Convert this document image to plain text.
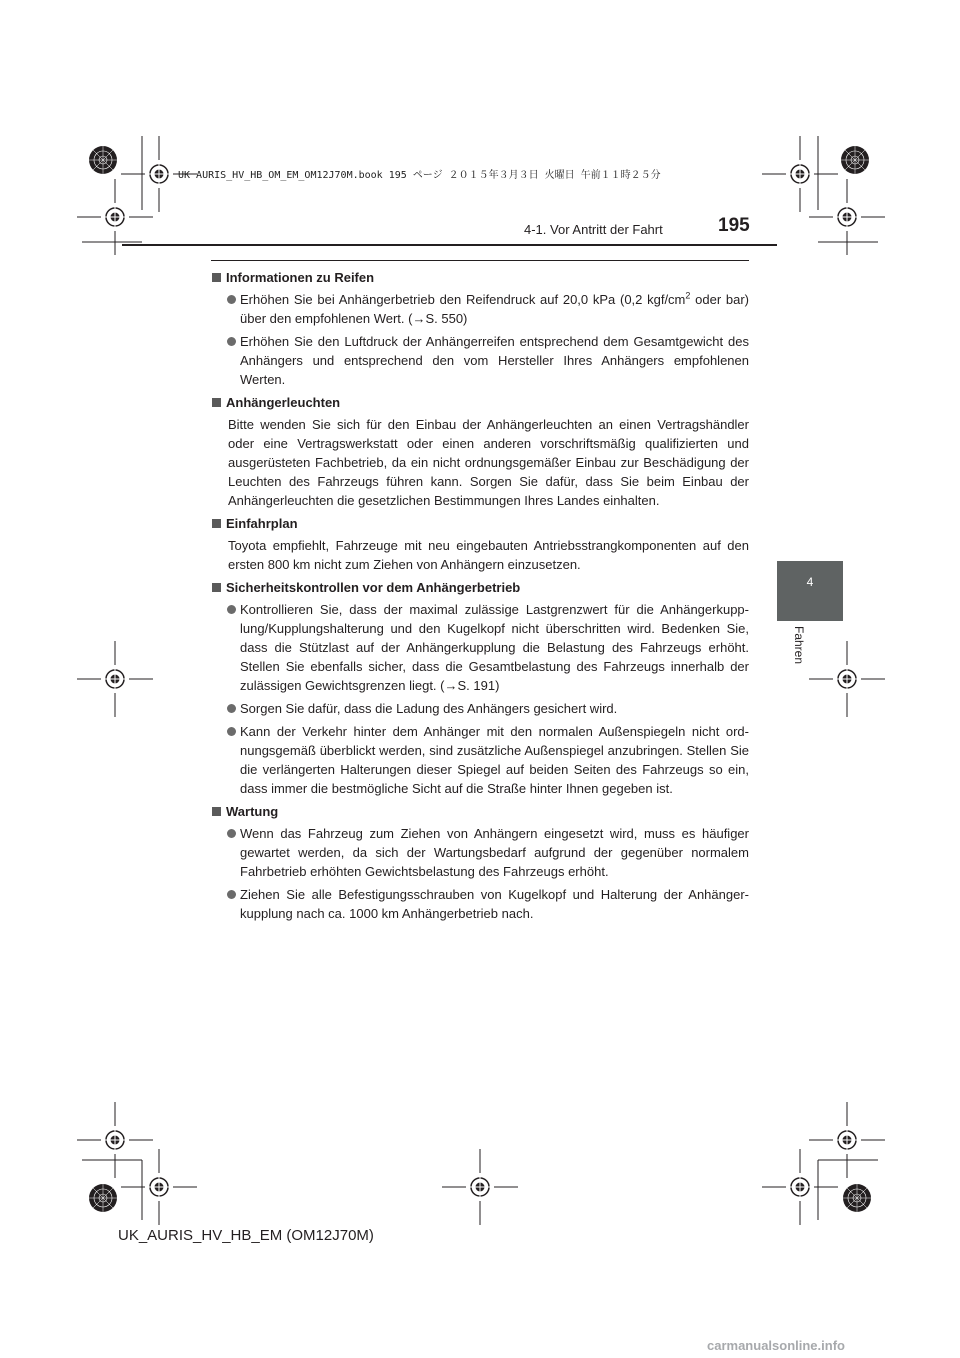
UK AURIS_HV_HB_OM_EM_OM12J70M.book 195 ページ ２０１５年３月３日 火曜日 午前１１時２５分
4-1. Vor Antritt der Fahrt	195
4
Fahren
Informationen zu Reifen
Erhöhen Sie bei Anhängerbetrieb den Reifendruck auf 20,0 kPa (0,2 kgf/$cm^2$ oder bar) über den empfohlenen Wert. (→S. 550)
Erhöhen Sie den Luftdruck der Anhängerreifen entsprechend dem Gesamtgewicht des Anhängers und entsprechend den vom Hersteller Ihres Anhängers empfohlenen Werten.
Anhängerleuchten
Bitte wenden Sie sich für den Einbau der Anhängerleuchten an einen Vertragshändler oder eine Vertragswerkstatt oder einen anderen vorschriftsmäßig qualifizierten und ausgerüsteten Fachbetrieb, da ein nicht ordnungsgemäßer Einbau zur Beschädigung der Leuchten des Fahrzeugs führen kann. Sorgen Sie dafür, dass Sie beim Einbau der Anhängerleuchten die gesetzlichen Bestimmungen Ihres Landes einhalten.
Einfahrplan
Toyota empfiehlt, Fahrzeuge mit neu eingebauten Antriebsstrangkomponenten auf den ersten 800 km nicht zum Ziehen von Anhängern einzusetzen.
Sicherheitskontrollen vor dem Anhängerbetrieb
Kontrollieren Sie, dass der maximal zulässige Lastgrenzwert für die Anhängerkupp-lung/Kupplungshalterung und den Kugelkopf nicht überschritten wird. Bedenken Sie, dass die Stützlast auf der Anhängerkupplung die Belastung des Fahrzeugs erhöht. Stellen Sie ebenfalls sicher, dass die Gesamtbelastung des Fahrzeugs innerhalb der zulässigen Gewichtsgrenzen liegt. (→S. 191)
Sorgen Sie dafür, dass die Ladung des Anhängers gesichert wird.
Kann der Verkehr hinter dem Anhänger mit den normalen Außenspiegeln nicht ord-nungsgemäß überblickt werden, sind zusätzliche Außenspiegel anzubringen. Stellen Sie die verlängerten Halterungen dieser Spiegel auf beiden Seiten des Fahrzeugs so ein, dass immer die bestmögliche Sicht auf die Straße hinter Ihnen gegeben ist.
Wartung
Wenn das Fahrzeug zum Ziehen von Anhängern eingesetzt wird, muss es häufiger gewartet werden, da sich der Wartungsbedarf aufgrund der gegenüber normalem Fahrbetrieb erhöhten Gewichtsbelastung des Fahrzeugs erhöht.
Ziehen Sie alle Befestigungsschrauben von Kugelkopf und Halterung der Anhänger-kupplung nach ca. 1000 km Anhängerbetrieb nach.
UK_AURIS_HV_HB_EM (OM12J70M)
carmanualsonline.info
